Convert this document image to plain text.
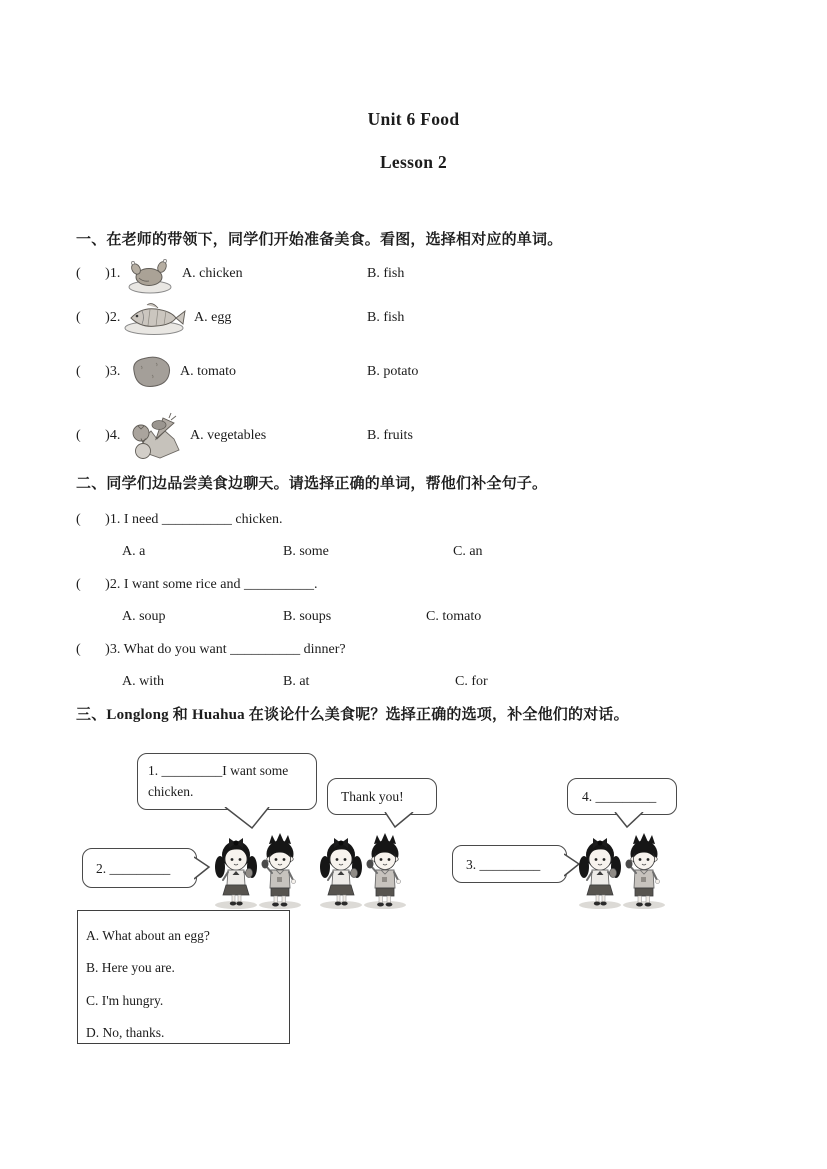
Unit 6 Food
Lesson 2
一、在老师的带领下，同学们开始准备美食。看图，选择相对应的单词。
(       )1.	A. chicken	B. fish
(       )2.	A. egg	B. fish
(       )3.	A. tomato	B. potato
(       )4.	A. vegetables	B. fruits
二、同学们边品尝美食边聊天。请选择正确的单词，帮他们补全句子。
(       )1. I need __________ chicken.
A. a	B. some	C. an
(       )2. I want some rice and __________.
A. soup	B. soups	C. tomato
(       )3. What do you want __________ dinner?
A. with	B. at	C. for
三、Longlong 和 Huahua 在谈论什么美食呢？选择正确的选项，补全他们的对话。
1. _________I want some chicken.	Thank you!	4. _________
2. _________	3. _________
A. What about an egg?
B. Here you are.
C. I'm hungry.
D. No, thanks.
